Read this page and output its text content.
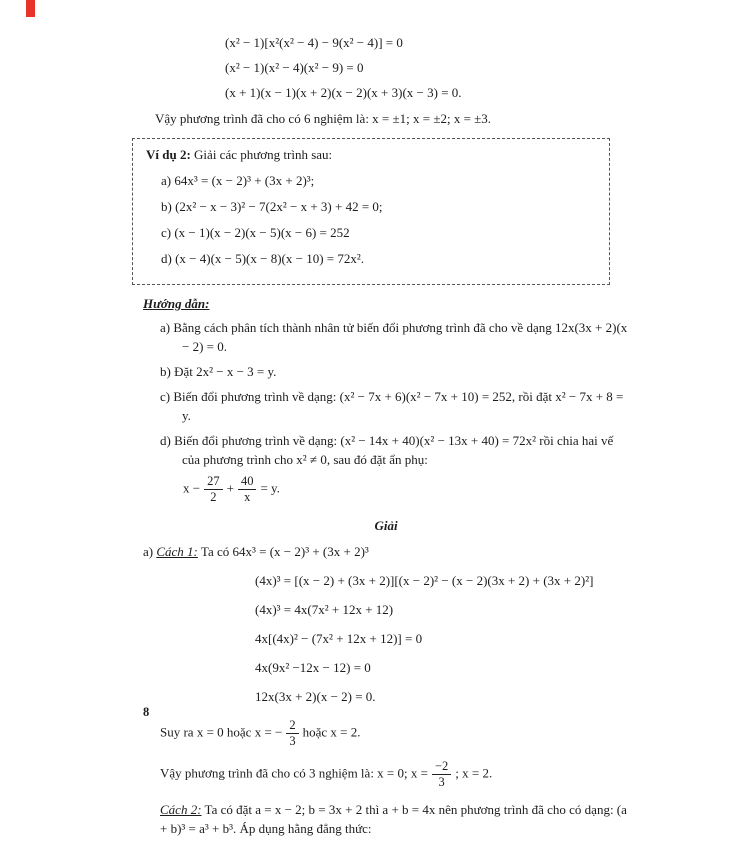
(x² − 1)[x²(x² − 4) − 9(x² − 4)] = 0
(x² − 1)(x² − 4)(x² − 9) = 0
(x + 1)(x − 1)(x + 2)(x − 2)(x + 3)(x − 3) = 0.

Vậy phương trình đã cho có 6 nghiệm là: x = ±1; x = ±2; x = ±3.

Ví dụ 2: Giải các phương trình sau:

a) 64x³ = (x − 2)³ + (3x + 2)³;

b) (2x² − x − 3)² − 7(2x² − x + 3) + 42 = 0;

c) (x − 1)(x − 2)(x − 5)(x − 6) = 252

d) (x − 4)(x − 5)(x − 8)(x − 10) = 72x².

Hướng dẫn:

a) Bằng cách phân tích thành nhân tử biến đổi phương trình đã cho về dạng 12x(3x + 2)(x − 2) = 0.

b) Đặt 2x² − x − 3 = y.

c) Biến đổi phương trình về dạng: (x² − 7x + 6)(x² − 7x + 10) = 252, rồi đặt x² − 7x + 8 = y.

d) Biến đổi phương trình về dạng: (x² − 14x + 40)(x² − 13x + 40) = 72x² rồi chia hai vế của phương trình cho x² ≠ 0, sau đó đặt ẩn phụ:

$x - \frac{27}{2} + \frac{40}{x} = y$.

Giải

a) Cách 1: Ta có 64x³ = (x − 2)³ + (3x + 2)³

(4x)³ = [(x − 2) + (3x + 2)][(x − 2)² − (x − 2)(3x + 2) + (3x + 2)²]
(4x)³ = 4x(7x² + 12x + 12)
4x[(4x)² − (7x² + 12x + 12)] = 0
4x(9x² −12x − 12) = 0
12x(3x + 2)(x − 2) = 0.

Suy ra x = 0 hoặc x = − $\frac{2}{3}$ hoặc x = 2.

Vậy phương trình đã cho có 3 nghiệm là: x = 0; $x = \frac{-2}{3}$ ; x = 2.

Cách 2: Ta có đặt a = x − 2; b = 3x + 2 thì a + b = 4x nên phương trình đã cho có dạng: (a + b)³ = a³ + b³. Áp dụng hằng đẳng thức:

8
